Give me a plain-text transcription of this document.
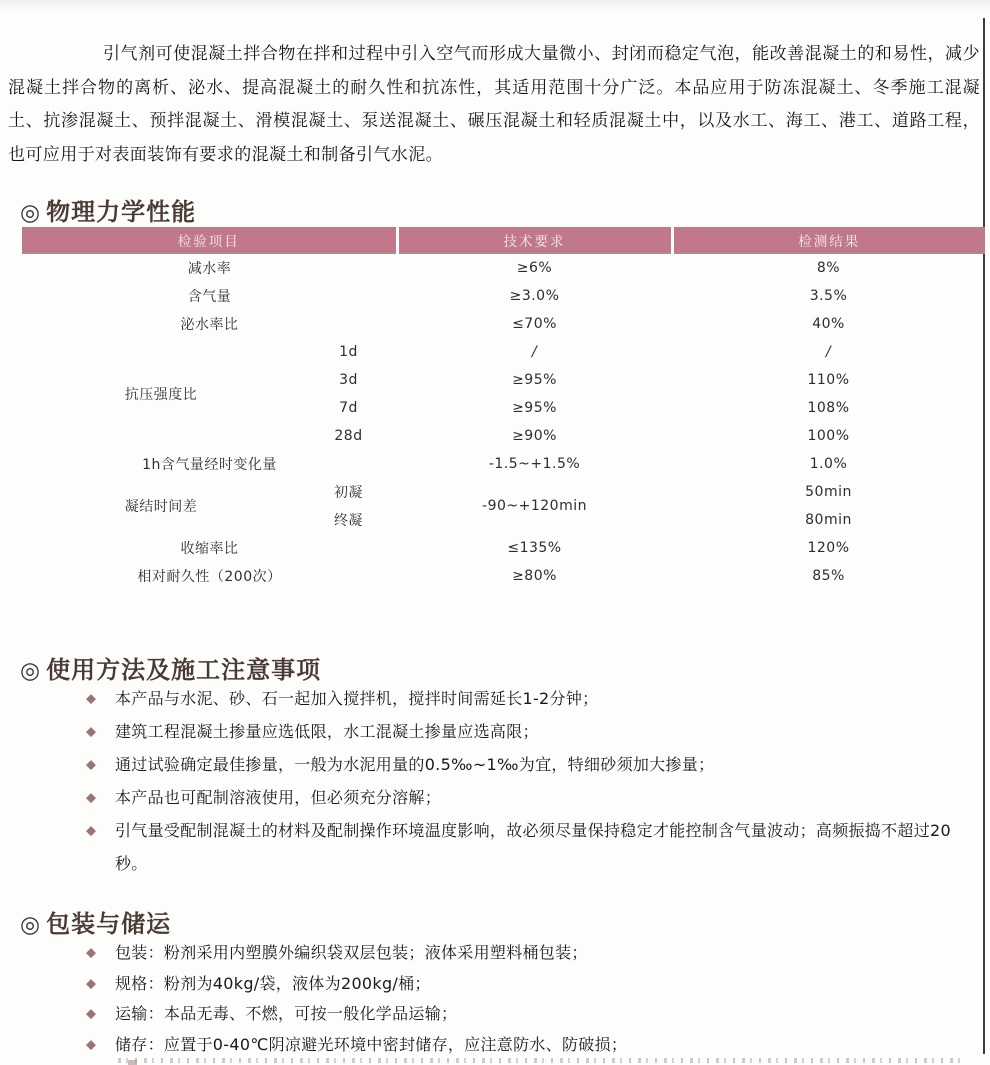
引气剂可使混凝土拌合物在拌和过程中引入空气而形成大量微小、封闭而稳定气泡，能改善混凝土的和易性，减少混凝土拌合物的离析、泌水、提高混凝土的耐久性和抗冻性，其适用范围十分广泛。本品应用于防冻混凝土、冬季施工混凝土、抗渗混凝土、预拌混凝土、滑模混凝土、泵送混凝土、碾压混凝土和轻质混凝土中，以及水工、海工、港工、道路工程，也可应用于对表面装饰有要求的混凝土和制备引气水泥。

◎ 物理力学性能
检验项目		技术要求	检测结果
减水率		≥6%	8%
含气量		≥3.0%	3.5%
泌水率比		≤70%	40%
抗压强度比	1d	/	/
	3d	≥95%	110%
	7d	≥95%	108%
	28d	≥90%	100%
1h含气量经时变化量		-1.5~+1.5%	1.0%
凝结时间差	初凝	-90~+120min	50min
	终凝		80min
收缩率比		≤135%	120%
相对耐久性（200次）		≥80%	85%
◎ 使用方法及施工注意事项
◆	本产品与水泥、砂、石一起加入搅拌机，搅拌时间需延长1-2分钟；
◆	建筑工程混凝土掺量应选低限，水工混凝土掺量应选高限；
◆	通过试验确定最佳掺量，一般为水泥用量的0.5‰~1‰为宜，特细砂须加大掺量；
◆	本产品也可配制溶液使用，但必须充分溶解；
◆	引气量受配制混凝土的材料及配制操作环境温度影响，故必须尽量保持稳定才能控制含气量波动；高频振捣不超过20秒。
◎ 包装与储运
◆	包装：粉剂采用内塑膜外编织袋双层包装；液体采用塑料桶包装；
◆	规格：粉剂为40kg/袋，液体为200kg/桶；
◆	运输：本品无毒、不燃，可按一般化学品运输；
◆	储存：应置于0-40℃阴凉避光环境中密封储存，应注意防水、防破损；
